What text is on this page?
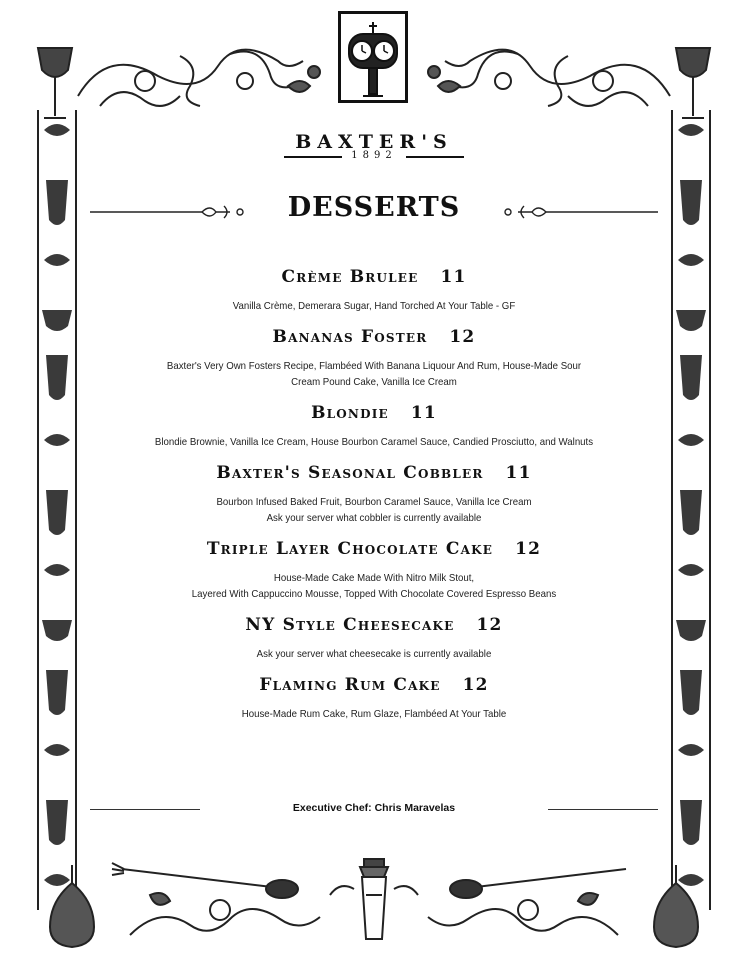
BAXTER'S
1892
DESSERTS
Crème Brulee 11
Vanilla Crème, Demerara Sugar, Hand Torched At Your Table - GF
Bananas Foster 12
Baxter's Very Own Fosters Recipe, Flambéed With Banana Liquour And Rum, House-Made Sour
Cream Pound Cake, Vanilla Ice Cream
Blondie 11
Blondie Brownie, Vanilla Ice Cream, House Bourbon Caramel Sauce, Candied Prosciutto, and Walnuts
Baxter's Seasonal Cobbler 11
Bourbon Infused Baked Fruit, Bourbon Caramel Sauce, Vanilla Ice Cream
Ask your server what cobbler is currently available
Triple Layer Chocolate Cake 12
House-Made Cake Made With Nitro Milk Stout,
Layered With Cappuccino Mousse, Topped With Chocolate Covered Espresso Beans
NY Style Cheesecake 12
Ask your server what cheesecake is currently available
Flaming Rum Cake 12
House-Made Rum Cake, Rum Glaze, Flambéed At Your Table
Executive Chef: Chris Maravelas
